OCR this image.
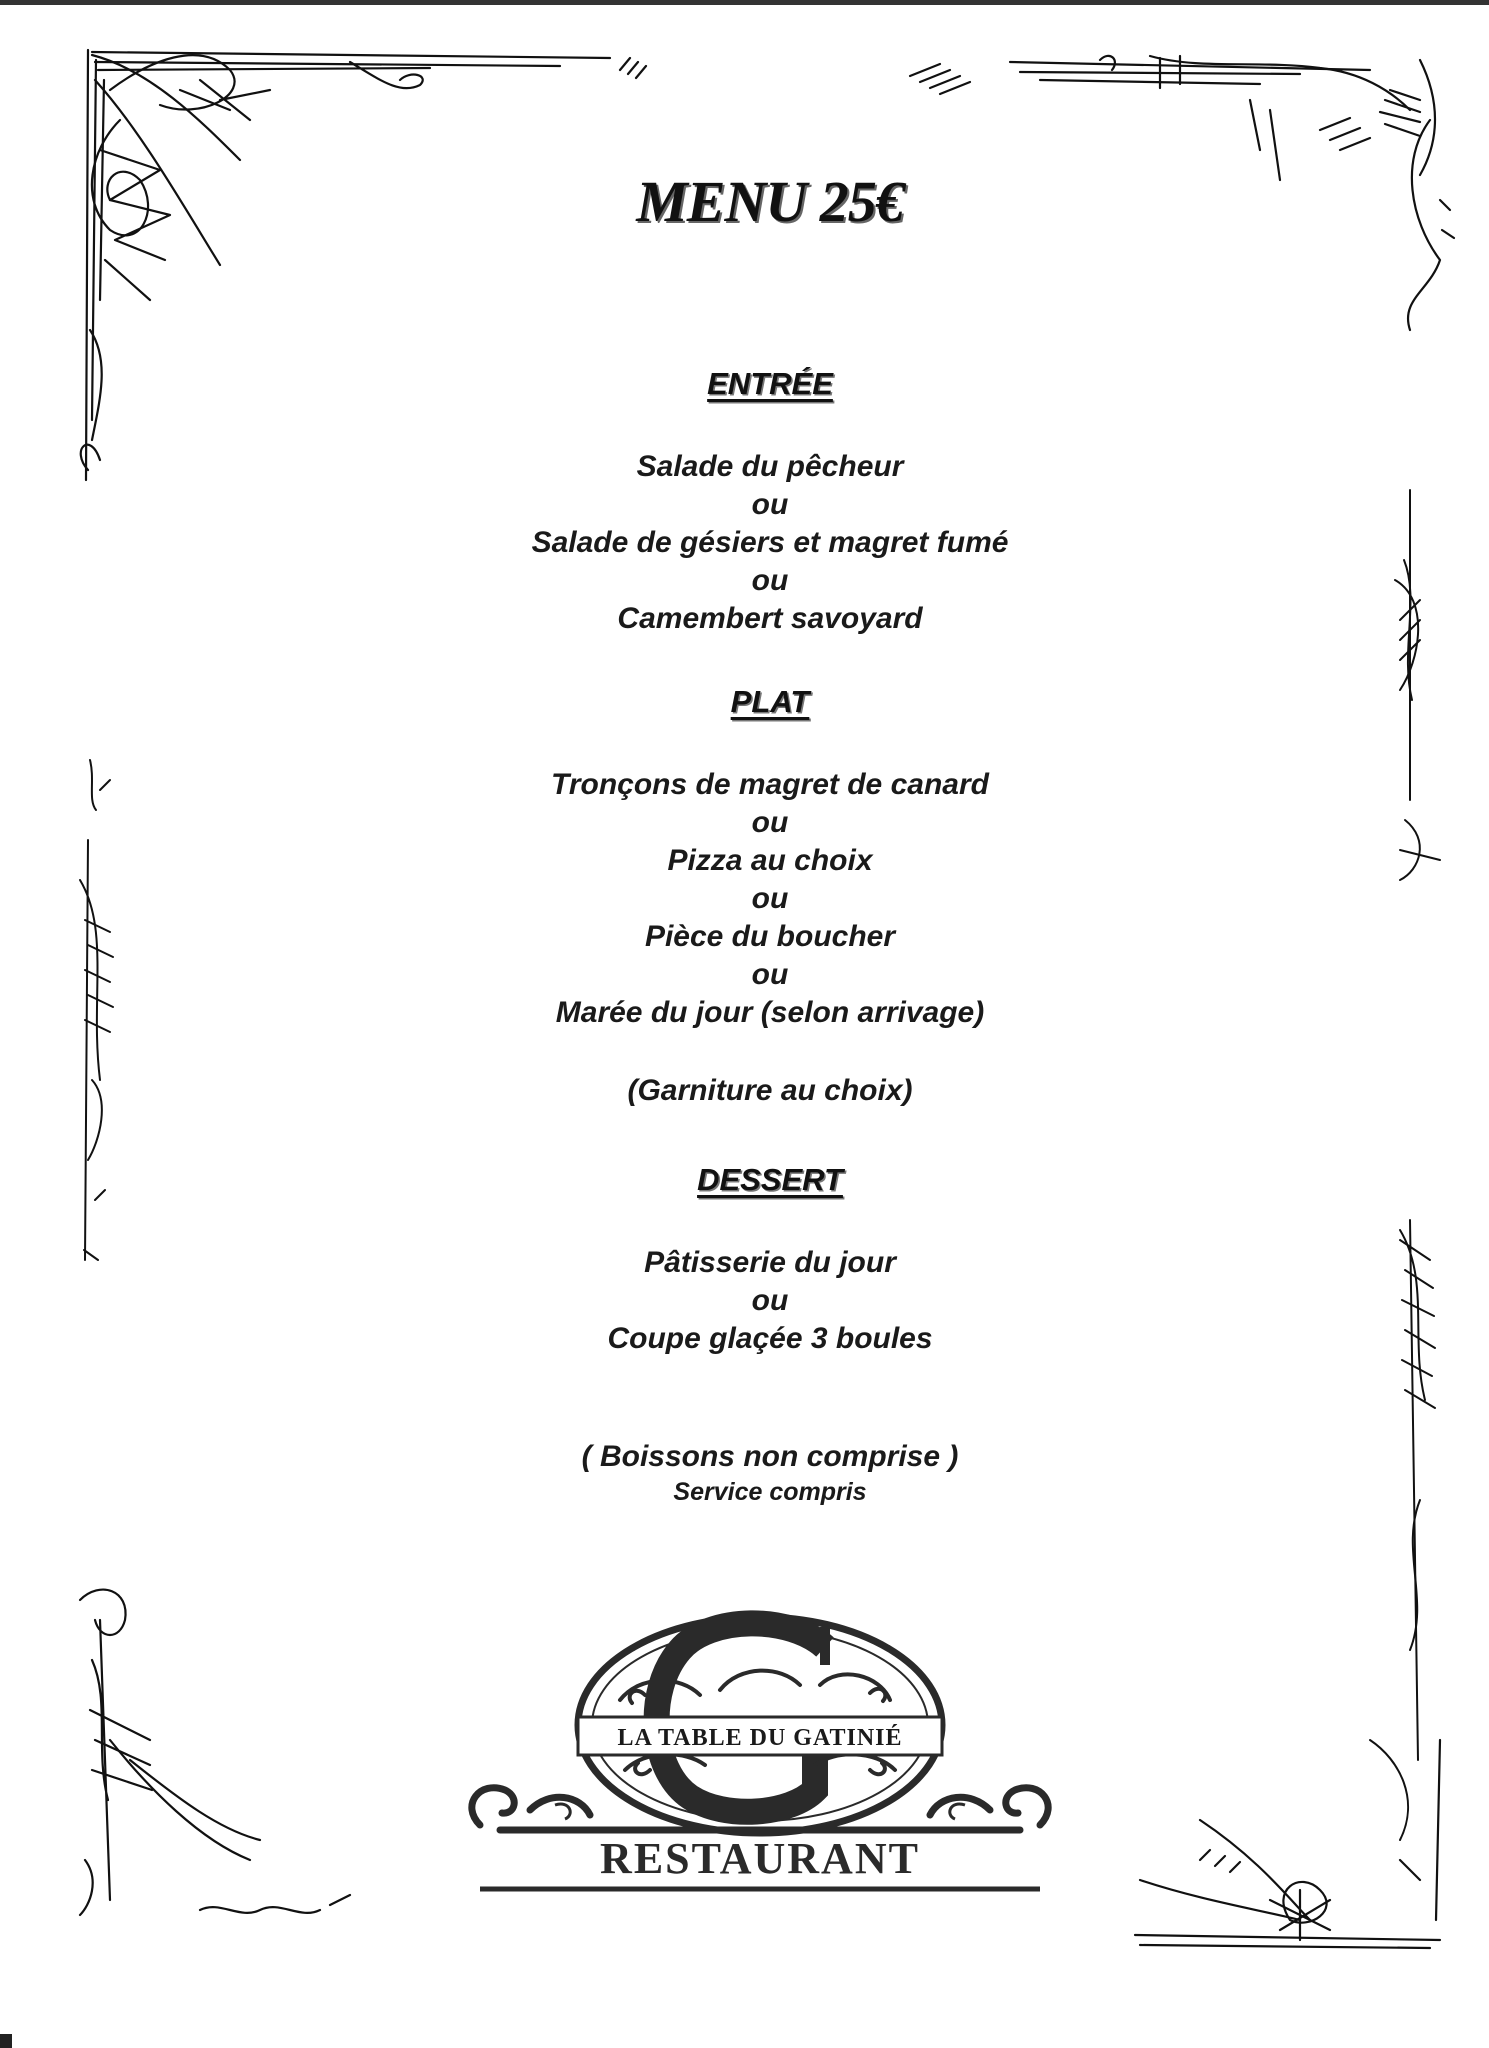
MENU 25€
ENTRÉE
Salade du pêcheur
ou
Salade de gésiers et magret fumé
ou
Camembert savoyard
PLAT
Tronçons de magret de canard
ou
Pizza au choix
ou
Pièce du boucher
ou
Marée du jour (selon arrivage)
(Garniture au choix)
DESSERT
Pâtisserie du jour
ou
Coupe glaçée 3 boules
( Boissons non comprise )
Service compris
LA TABLE DU GATINIÉ
RESTAURANT
